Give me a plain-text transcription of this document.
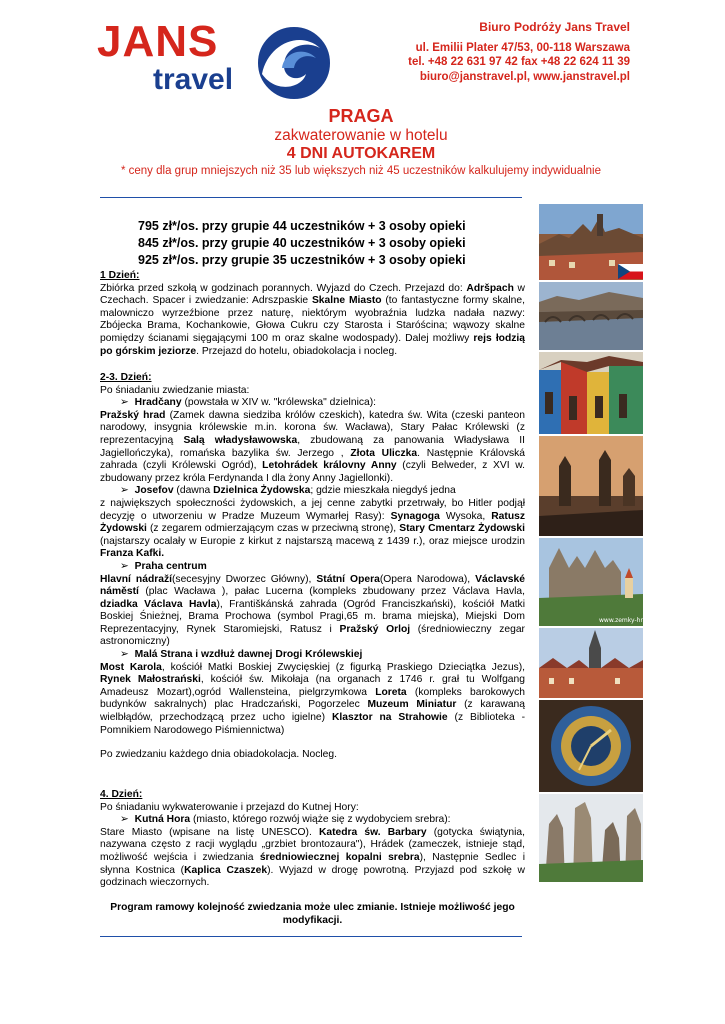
JANS
travel
Biuro Podróży Jans Travel
ul. Emilii Plater 47/53, 00-118 Warszawa
tel. +48 22 631 97 42 fax +48 22 624 11 39
biuro@janstravel.pl, www.janstravel.pl
PRAGA
zakwaterowanie w hotelu
4 DNI AUTOKAREM
* ceny dla grup mniejszych niż 35 lub większych niż 45 uczestników kalkulujemy indywidualnie
795 zł*/os. przy grupie 44 uczestników + 3 osoby opieki
845 zł*/os. przy grupie 40 uczestników + 3 osoby opieki
925 zł*/os. przy grupie 35 uczestników + 3 osoby opieki

1 Dzień:

Zbiórka przed szkołą w godzinach porannych. Wyjazd do Czech. Przejazd do: Adršpach w Czechach. Spacer i zwiedzanie: Adrszpaskie Skalne Miasto (to fantastyczne formy skalne, malowniczo wyrzeźbione przez naturę, niektórym wyobraźnia ludzka nadała nazwy: Zbójecka Brama, Kochankowie, Głowa Cukru czy Starosta i Staróścina; wąwozy skalne pomiędzy ścianami sięgającymi 100 m oraz skalne wodospady). Dalej możliwy rejs łodzią po górskim jeziorze. Przejazd do hotelu, obiadokolacja i nocleg.

2-3. Dzień:

Po śniadaniu zwiedzanie miasta:

➢ Hradčany (powstała w XIV w. "królewska" dzielnica):

Pražský hrad (Zamek dawna siedziba królów czeskich), katedra św. Wita (czeski panteon narodowy, insygnia królewskie m.in. korona św. Wacława), Stary Pałac Królewski (z reprezentacyjną Salą władysławowska, zbudowaną za panowania Władysława II Jagiellończyka), romańska bazylika św. Jerzego , Złota Uliczka. Następnie Královská zahrada (czyli Królewski Ogród), Letohrádek královny Anny (czyli Belweder, z XVI w. zbudowany przez króla Ferdynanda I dla żony Anny Jagiellonki).

➢ Josefov (dawna Dzielnica Żydowska; gdzie mieszkała niegdyś jedna

z największych społeczności żydowskich, a jej cenne zabytki przetrwały, bo Hitler podjął decyzję o utworzeniu w Pradze Muzeum Wymarłej Rasy): Synagoga Wysoka, Ratusz Żydowski (z zegarem odmierzającym czas w przeciwną stronę), Stary Cmentarz Żydowski (najstarszy ocalały w Europie z kirkut z najstarszą macewą z 1439 r.), oraz miejsce urodzin Franza Kafki.

➢ Praha centrum

Hlavní nádraží(secesyjny Dworzec Główny), Státní Opera(Opera Narodowa), Václavské náměstí (plac Wacława ), pałac Lucerna (kompleks zbudowany przez Václava Havla, dziadka Václava Havla), Františkánská zahrada (Ogród Franciszkański), kościół Matki Boskiej Śnieżnej, Brama Prochowa (symbol Pragi,65 m. brama miejska), Miejski Dom Reprezentacyjny, Rynek Staromiejski, Ratusz i Pražský Orloj (średniowieczny zegar astronomiczny)

➢ Malá Strana i wzdłuż dawnej Drogi Królewskiej

Most Karola, kościół Matki Boskiej Zwycięskiej (z figurką Praskiego Dzieciątka Jezus), Rynek Małostrański, kościół św. Mikołaja (na organach z 1746 r. grał tu Wolfgang Amadeusz Mozart),ogród Wallensteina, pielgrzymkowa Loreta (kompleks barokowych budynków sakralnych) plac Hradczański, Pogorzelec Muzeum Miniatur (z karawaną wielbłądów, przechodzącą przez ucho igielne) Klasztor na Strahowie (z Biblioteka - Pomnikiem Narodowego Piśmiennictwa)

Po zwiedzaniu każdego dnia obiadokolacja. Nocleg.

4. Dzień:

Po śniadaniu wykwaterowanie i przejazd do Kutnej Hory:

➢ Kutná Hora (miasto, którego rozwój wiąże się z wydobyciem srebra):

Stare Miasto (wpisane na listę UNESCO). Katedra św. Barbary (gotycka świątynia, nazywana często z racji wyglądu „grzbiet brontozaura"), Hrádek (zameczek, istnieje stąd, możliwość wejścia i zwiedzania średniowiecznej kopalni srebra), Następnie Sedlec i słynna Kostnica (Kaplica Czaszek). Wyjazd w drogę powrotną. Przyjazd pod szkołę w godzinach wieczornych.

Program ramowy kolejność zwiedzania może ulec zmianie. Istnieje możliwość jego modyfikacji.
www.zemky-hrady.cz
